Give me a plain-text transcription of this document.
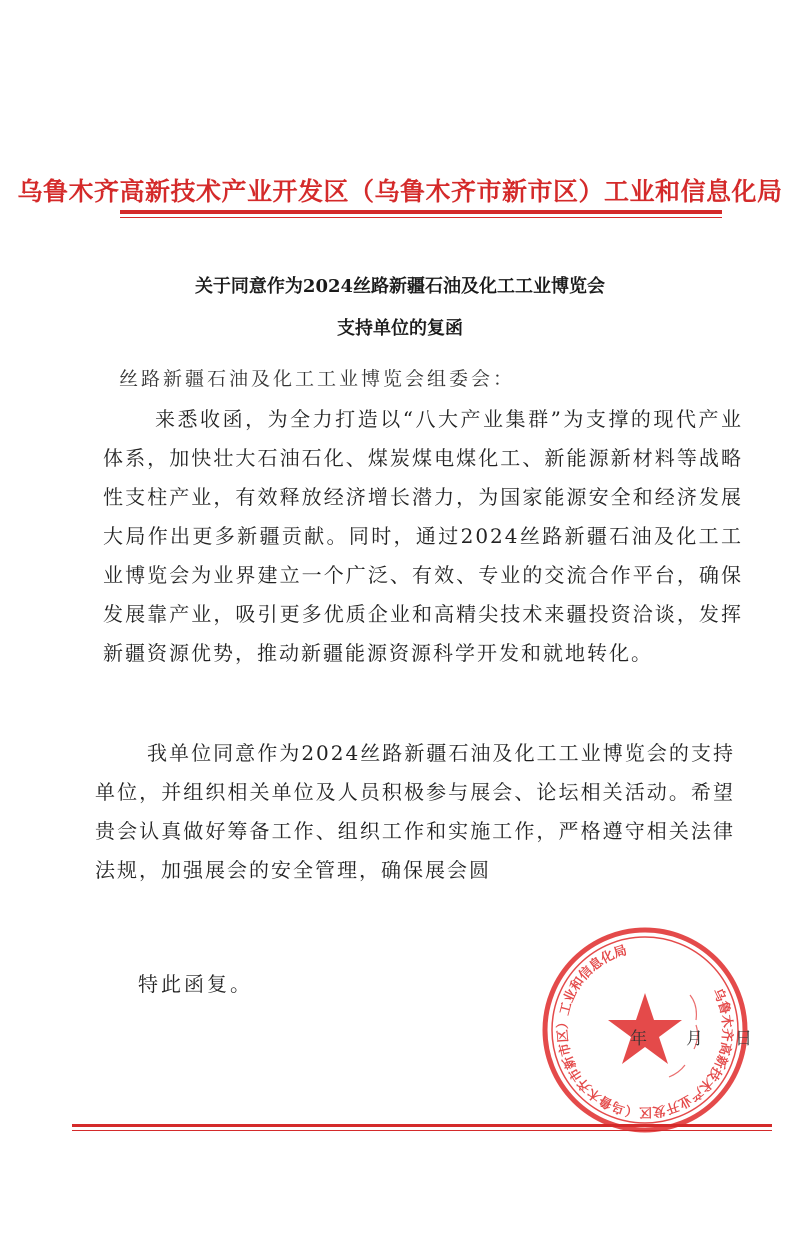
乌鲁木齐高新技术产业开发区（乌鲁木齐市新市区）工业和信息化局
关于同意作为2024丝路新疆石油及化工工业博览会
支持单位的复函
丝路新疆石油及化工工业博览会组委会：

来悉收函，为全力打造以“八大产业集群”为支撑的现代产业体系，加快壮大石油石化、煤炭煤电煤化工、新能源新材料等战略性支柱产业，有效释放经济增长潜力，为国家能源安全和经济发展大局作出更多新疆贡献。同时，通过2024丝路新疆石油及化工工业博览会为业界建立一个广泛、有效、专业的交流合作平台，确保发展靠产业，吸引更多优质企业和高精尖技术来疆投资洽谈，发挥新疆资源优势，推动新疆能源资源科学开发和就地转化。

我单位同意作为2024丝路新疆石油及化工工业博览会的支持单位，并组织相关单位及人员积极参与展会、论坛相关活动。希望贵会认真做好筹备工作、组织工作和实施工作，严格遵守相关法律法规，加强展会的安全管理，确保展会圆

特此函复。	乌鲁木齐高新技术产业开发区（乌鲁木齐市新市区）工业和信息化局
年 月 日
